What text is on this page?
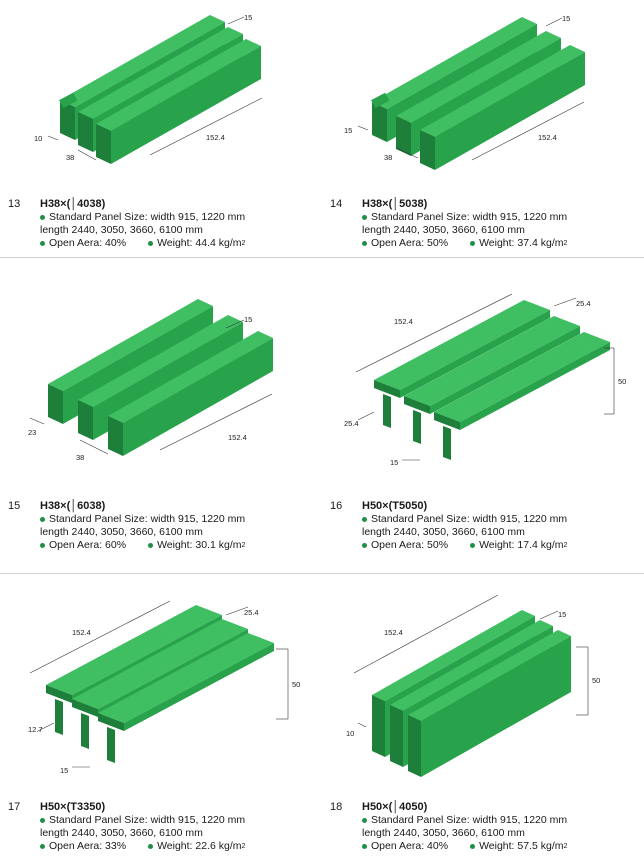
15
152.4
38
10
13	H38×(│4038)
Standard Panel Size: width
915, 1220
mm
length
2440, 3050, 3660, 6100
mm
Open Aera:
40%	Weight:
44.4
kg/m 2
15
152.4
38
15
14	H38×(│5038)
Standard Panel Size: width
915, 1220
mm
length
2440, 3050, 3660, 6100
mm
Open Aera:
50%	Weight:
37.4
kg/m 2
15
152.4
38
23
15	H38×(│6038)
Standard Panel Size: width
915, 1220
mm
length
2440, 3050, 3660, 6100
mm
Open Aera:
60%	Weight:
30.1
kg/m 2
152.4
25.4
50
25.4
15
16	H50×(T5050)
Standard Panel Size: width
915, 1220
mm
length
2440, 3050, 3660, 6100
mm
Open Aera:
50%	Weight:
17.4
kg/m 2
152.4
25.4
50
12.7
15
17	H50×(T3350)
Standard Panel Size: width
915, 1220
mm
length
2440, 3050, 3660, 6100
mm
Open Aera:
33%	Weight:
22.6
kg/m 2
152.4
15
50
10
18	H50×(│4050)
Standard Panel Size: width
915, 1220
mm
length
2440, 3050, 3660, 6100
mm
Open Aera:
40%	Weight:
57.5
kg/m 2
